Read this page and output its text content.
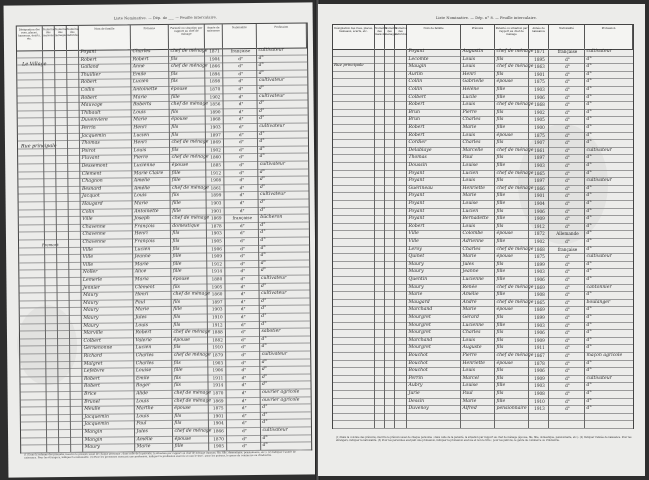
Liste Nominative. — Dép. de ___ — Feuille intercalaire.
Désignation des rues, places, hameaux, écarts, etc.
Numéros des maisons
Numéros des ménages
Numéros des individus
Nom de famille	Prénoms	Parenté ou situation par rapport au chef de ménage
Année de naissance
Nationalité	Profession
Poyant	Charles	chef de ménage 1871	française	cultivateur
Robert	Robert	fils	1904	d°	d°
Galland	Anne	chef de ménage 1866	d°	d°
Thuillier	Emile	fils	1894	d°	d°
Robert	Lucien	fils	1898	d°	cultivateur
Collin	Antoinette	épouse	1870	d°	d°
Robert	Marie	fille	1902	d°	cultivateur
Mauvage	Roberts	chef de ménage 1856	d°	d°
Thibault	Louis	fils	1890	d°	d°
Duvenviere	Marie	épouse	1868	d°	d°
Perrin	Henri	fils	1903	d°	cultivateur
Jacquemin	Lucien	fils	1897	d°	d°
Thomas	Henri	chef de ménage 1869	d°	d°
Poirot	Louis	fils	1902	d°	d°
Fluvant	Pierre	chef de ménage 1860	d°	d°
Dessemont	Lucienne	épouse	1885	d°	cultivateur
Clement	Marie Claire	fille	1912	d°	d°
Chagnon	Amelie	fille	1908	d°	d°
Besnard	Amélie	chef de ménage 1861	d°	d°
Jacquot	Louis	fils	1899	d°	cultivateur
Haugard	Marie	fille	1903	d°	d°
Colin	Antoinette	fille	1901	d°	d°
Ville	Joseph	chef de ménage 1869	française	bûcheron
Chavenne	François	domestique	1878	d°	d°
Chavenne	Henri	fils	1903	d°	d°
Chavenne	François	fils	1905	d°	d°
Ville	Lucien	fils	1906	d°	d°
Ville	Jeanne	fille	1909	d°	d°
Ville	Marie	fille	1912	d°	d°
Noller	Alice	fille	1914	d°	d°
Lemerle	Maria	épouse	1880	d°	cultivateur
Jennier	Clément	fils	1905	d°	d°
Maury	Henri	chef de ménage 1860	d°	cultivateur
Maury	Paul	fils	1897	d°	d°
Maury	Marie	fille	1903	d°	d°
Maury	Jules	fils	1910	d°	d°
Maury	Louis	fils	1912	d°	d°
Marville	Robert	chef de ménage 1888	d°	sabotier
Colbert	Valerie	épouse	1882	d°	d°
Gernenonne	Lucien	fils	1910	d°	d°
Richard	Charles	chef de ménage 1879	d°	cultivateur
Malgret	Charles	fils	1903	d°	d°
Lefebvre	Louise	fille	1906	d°	d°
Robert	Emile	fils	1911	d°	d°
Robert	Roger	fils	1914	d°	d°
Brice	Alide	chef de ménage 1870	d°	ouvrier agricole
Brunel	Louis	chef de ménage 1869	d°	ouvrier agricole
Meulle	Marthe	épouse	1875	d°	d°
Jacquemin	Louis	fils	1901	d°	d°
Jacquemin	Paul	fils	1904	d°	d°
Mangin	Jules	chef de ménage 1866	d°	cultivateur
Mangin	Amélie	épouse	1870	d°	d°
Maury	Marie	fille	1905	d°	d°
Le Village
Rue principale
Fremont
(1) Dans la colonne des prénoms, inscrire le prénom usuel de chaque personne ; dans celle de la parenté, la situation par rapport au chef de ménage (épouse, fils, fille, domestique, pensionnaire, etc.). (2) Indiquer l'année de naissance. Pour les étrangers, indiquer la nationalité. (3) Pour les personnes exerçant une profession, indiquer la profession exercée et non le titre ; pour les patrons, le genre de commerce ou d'industrie.
Liste Nominative. — Dép. n° 8. — Feuille intercalaire.
Désignation des rues, places, hameaux, écarts, etc.
Numéros des maisons
Numéros des ménages
Numéros des individus
Nom de famille	Prénoms	Parenté ou situation par rapport au chef de ménage
Année de naissance
Nationalité	Profession
Poyant	Augustin	chef de ménage 1871	française	cultivateur
Lecomte	Louis	fils	1895	d°	d°
Maugin	Louis	chef de ménage 1863	d°	d°
Aurlin	Henri	fils	1901	d°	d°
Collin	Gabrielle	épouse	1875	d°	d°
Collin	Hélène	fille	1903	d°	d°
Colbert	Lucile	fille	1906	d°	d°
Robert	Louis	chef de ménage 1868	d°	d°
Brun	Pierre	fils	1902	d°	d°
Brun	Charles	fils	1905	d°	d°
Robert	Marie	fille	1900	d°	d°
Robert	Louis	épouse	1875	d°	d°
Cordier	Charles	fils	1907	d°	d°
Delablaye	Marcelle	chef de ménage 1861	d°	cultivateur
Thomas	Paul	fils	1897	d°	d°
Doussin	Louise	fille	1903	d°	d°
Poyant	Lucien	chef de ménage 1865	d°	d°
Poyant	Louis	fils	1897	d°	cultivateur
Guérineau	Henriette	chef de ménage 1866	d°	d°
Poyant	Marie	fille	1901	d°	d°
Poyant	Louise	fille	1904	d°	d°
Poyant	Lucien	fils	1906	d°	d°
Poyant	Bernadette	fille	1909	d°	d°
Robert	Louis	fils	1912	d°	d°
Ville	Colombe	épouse	1872	Allemande	d°
Ville	Adrienne	fille	1902	d°	d°
Leroy	Charles	chef de ménage 1868	française	d°
Quinet	Marie	épouse	1875	d°	cultivateur
Maury	Jules	fils	1899	d°	d°
Maury	Jeanne	fille	1903	d°	d°
Quentin	Lucienne	fille	1906	d°	d°
Maury	Renée	chef de ménage 1869	d°	cantonnier
Marie	Amélie	fille	1908	d°	d°
Maugard	André	chef de ménage 1865	d°	boulanger
Marchand	Marie	épouse	1869	d°	d°
Mourgret	Gérard	fils	1899	d°	d°
Mourgret	Lucienne	fille	1903	d°	d°
Mourgret	Charles	fils	1906	d°	d°
Marchand	Louis	fils	1909	d°	d°
Mourgret	Auguste	fils	1911	d°	d°
Bouchot	Pierre	chef de ménage 1867	d°	maçon agricole
Bouchot	Henriette	épouse	1878	d°	d°
Bouchot	Louis	fils	1906	d°	d°
Perrin	Marcel	fils	1909	d°	cultivateur
Aubry	Louise	fille	1903	d°	d°
Jurie	Paul	fils	1908	d°	d°
Dessin	Marie	fille	1910	d°	d°
Duvenoy	Alfred	pensionnaire	1913	d°	d°
Rue principale
(1) Dans la colonne des prénoms, inscrire le prénom usuel de chaque personne ; dans celle de la parenté, la situation par rapport au chef de ménage (épouse, fils, fille, domestique, pensionnaire, etc.). (2) Indiquer l'année de naissance. Pour les étrangers, indiquer la nationalité. (3) Pour les personnes exerçant une profession, indiquer la profession exercée et non le titre ; pour les patrons, le genre de commerce ou d'industrie.
